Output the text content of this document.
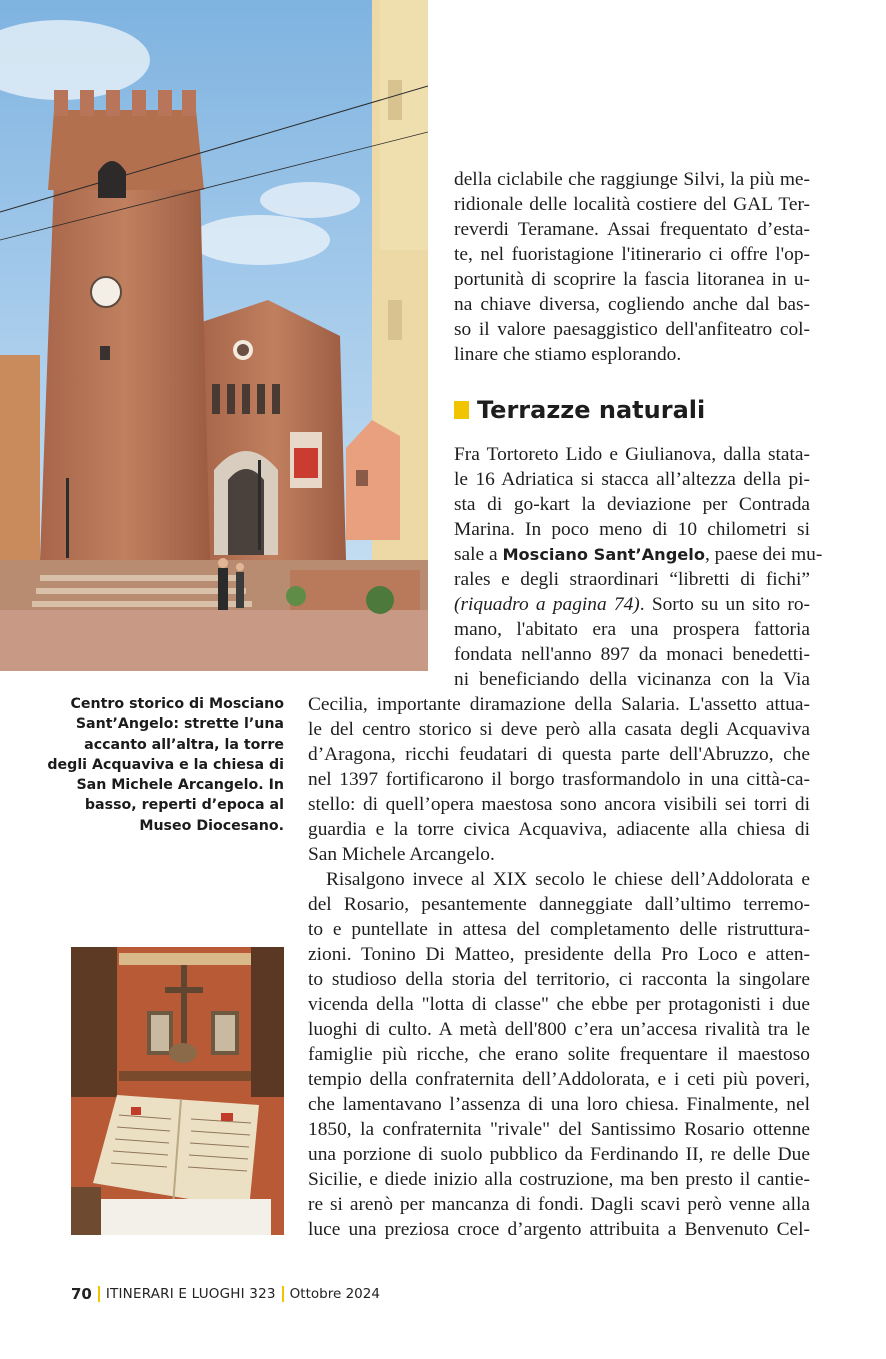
Centro storico di Mosciano Sant’Angelo: strette l’una accanto all’altra, la torre degli Acquaviva e la chiesa di San Michele Arcangelo. In basso, reperti d’epoca al Museo Diocesano.
della ciclabile che raggiunge Silvi, la più me-
ridionale delle località costiere del GAL Ter-
reverdi Teramane. Assai frequentato d’esta-
te, nel fuoristagione l'itinerario ci offre l'op-
portunità di scoprire la fascia litoranea in u-
na chiave diversa, cogliendo anche dal bas-
so il valore paesaggistico dell'anfiteatro col-
linare che stiamo esplorando.
Terrazze naturali
Fra Tortoreto Lido e Giulianova, dalla stata-
le 16 Adriatica si stacca all’altezza della pi-
sta di go-kart la deviazione per Contrada
Marina. In poco meno di 10 chilometri si
sale a Mosciano Sant’Angelo, paese dei mu-
rales e degli straordinari “libretti di fichi”
(riquadro a pagina 74). Sorto su un sito ro-
mano, l'abitato era una prospera fattoria
fondata nell'anno 897 da monaci benedetti-
ni beneficiando della vicinanza con la Via
Cecilia, importante diramazione della Salaria. L'assetto attua-
le del centro storico si deve però alla casata degli Acquaviva
d’Aragona, ricchi feudatari di questa parte dell'Abruzzo, che
nel 1397 fortificarono il borgo trasformandolo in una città-ca-
stello: di quell’opera maestosa sono ancora visibili sei torri di
guardia e la torre civica Acquaviva, adiacente alla chiesa di
San Michele Arcangelo.
Risalgono invece al XIX secolo le chiese dell’Addolorata e
del Rosario, pesantemente danneggiate dall’ultimo terremo-
to e puntellate in attesa del completamento delle ristruttura-
zioni. Tonino Di Matteo, presidente della Pro Loco e atten-
to studioso della storia del territorio, ci racconta la singolare
vicenda della "lotta di classe" che ebbe per protagonisti i due
luoghi di culto. A metà dell'800 c’era un’accesa rivalità tra le
famiglie più ricche, che erano solite frequentare il maestoso
tempio della confraternita dell’Addolorata, e i ceti più poveri,
che lamentavano l’assenza di una loro chiesa. Finalmente, nel
1850, la confraternita "rivale" del Santissimo Rosario ottenne
una porzione di suolo pubblico da Ferdinando II, re delle Due
Sicilie, e diede inizio alla costruzione, ma ben presto il cantie-
re si arenò per mancanza di fondi. Dagli scavi però venne alla
luce una preziosa croce d’argento attribuita a Benvenuto Cel-
70 ITINERARI E LUOGHI 323 Ottobre 2024
